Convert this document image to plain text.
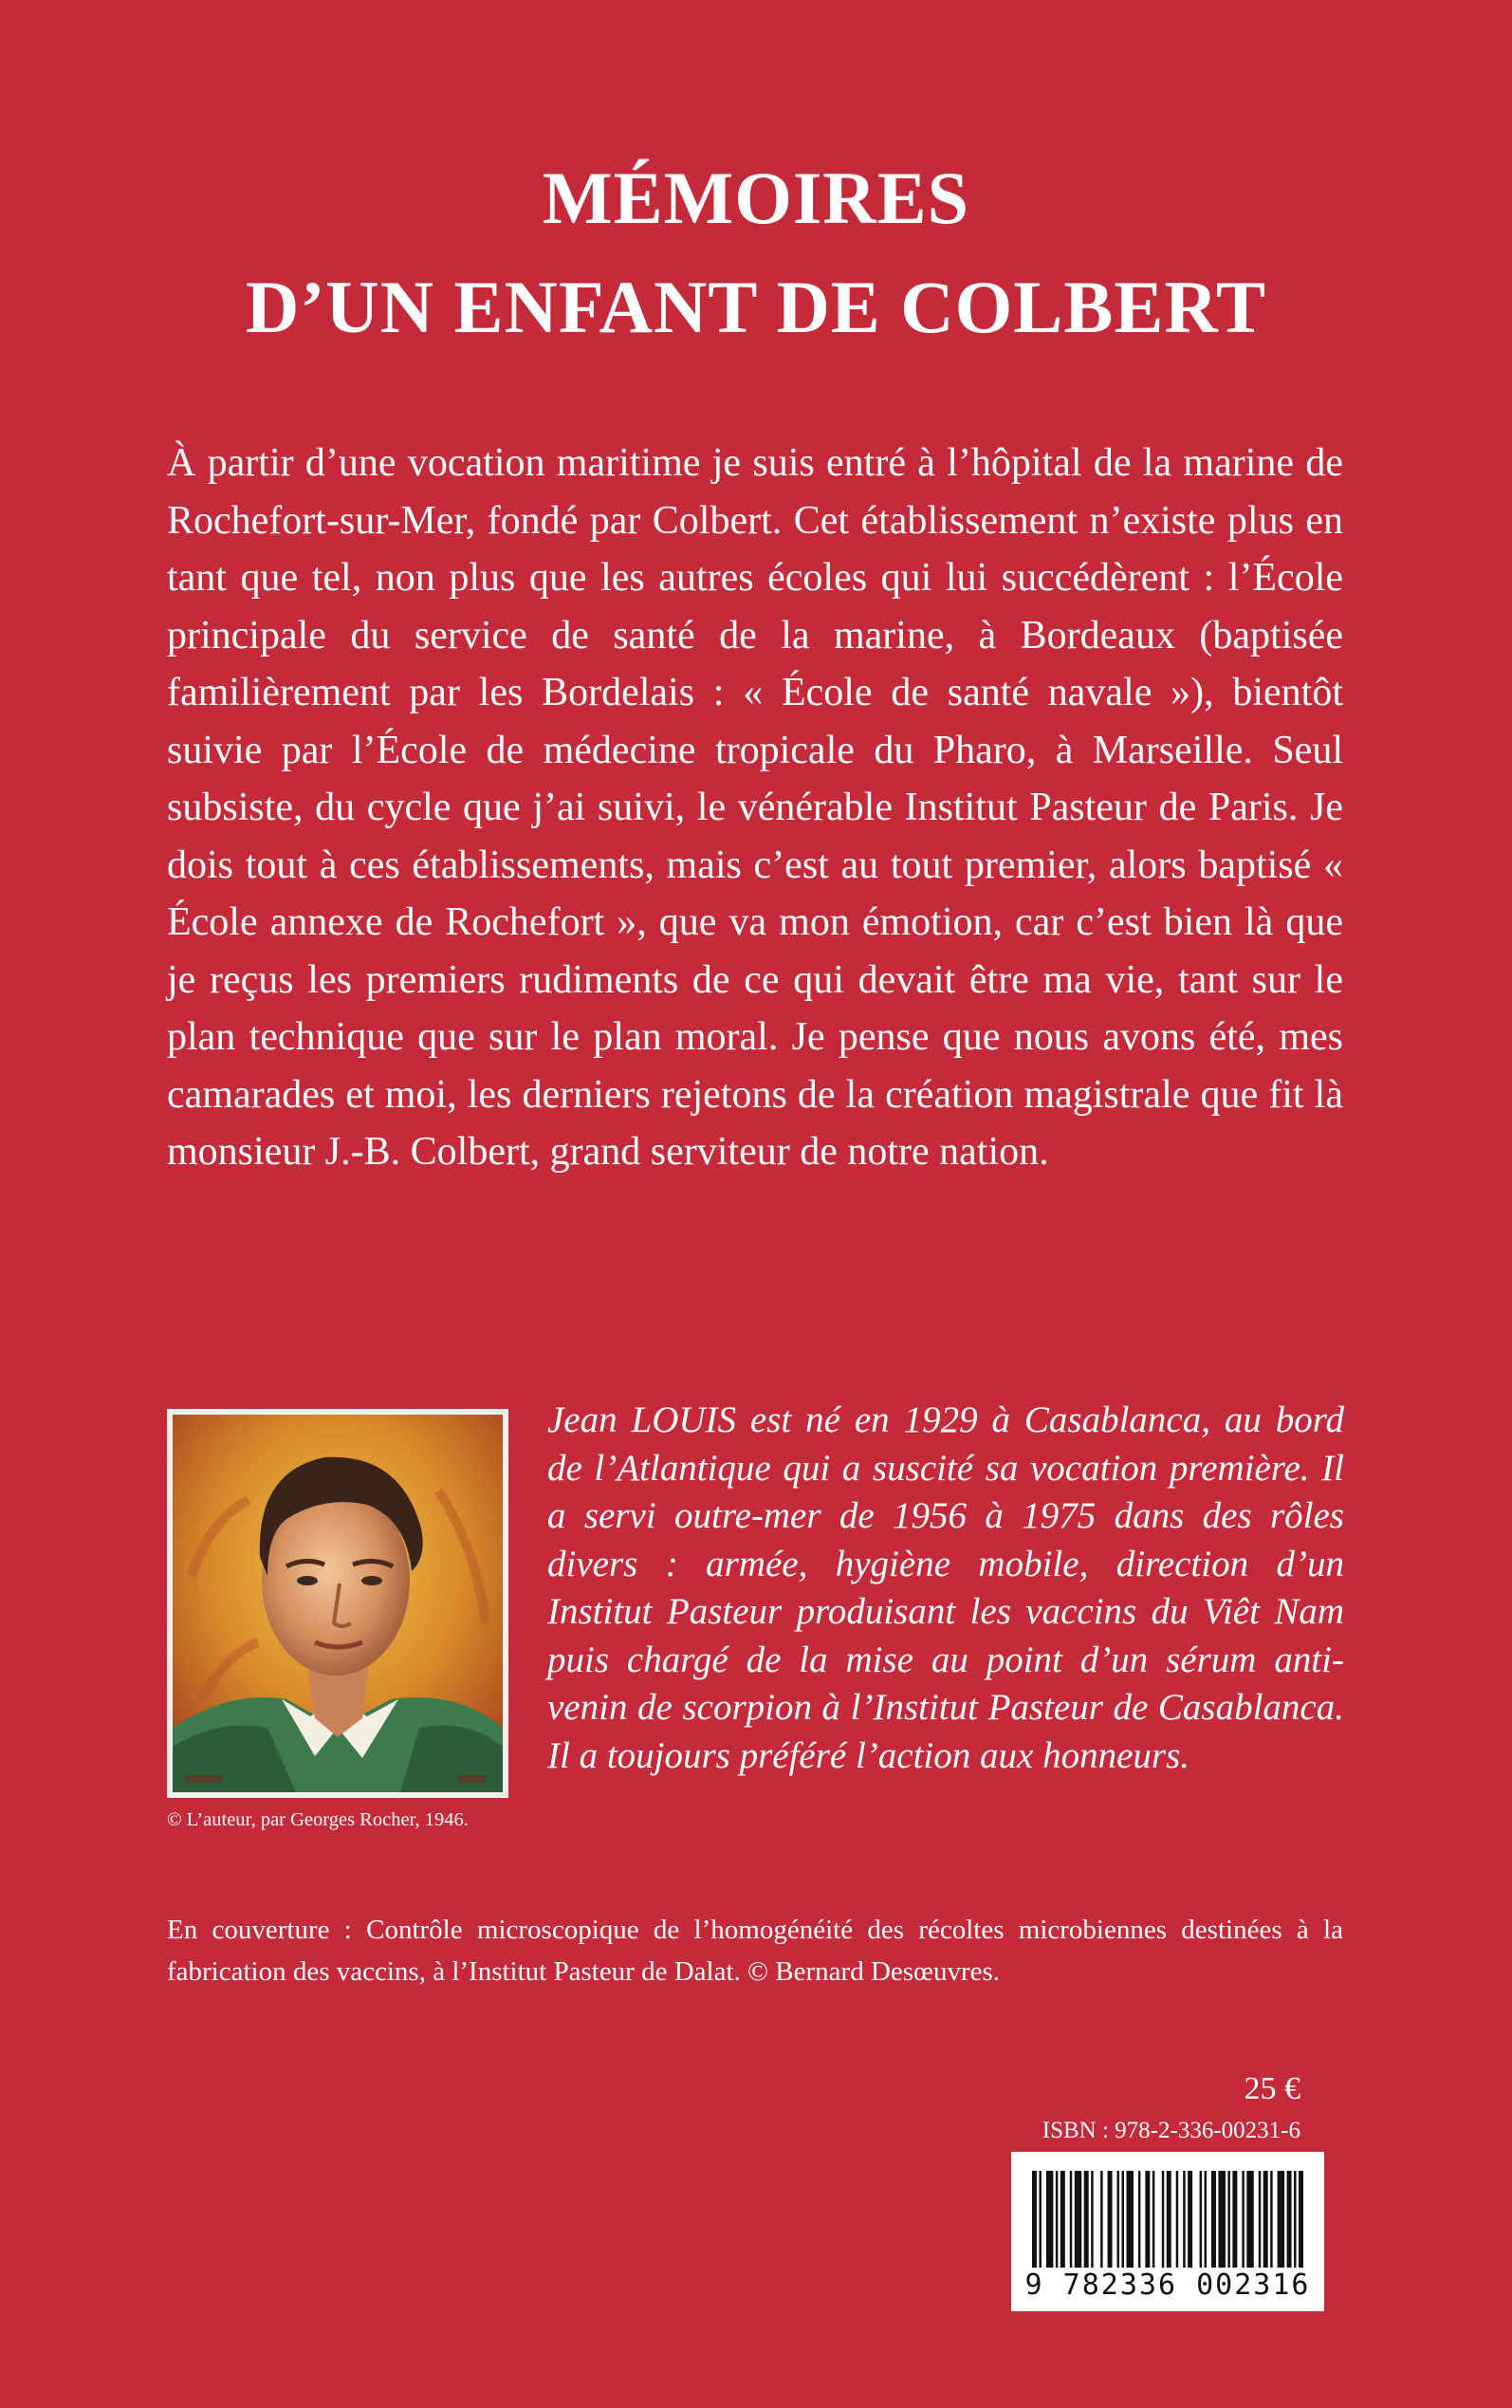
MÉMOIRES
D’UN ENFANT DE COLBERT

À partir d’une vocation maritime je suis entré à l’hôpital de la marine de Rochefort-sur-Mer, fondé par Colbert. Cet établissement n’existe plus en tant que tel, non plus que les autres écoles qui lui succédèrent : l’École principale du service de santé de la marine, à Bordeaux (baptisée familièrement par les Bordelais : « École de santé navale »), bientôt suivie par l’École de médecine tropicale du Pharo, à Marseille. Seul subsiste, du cycle que j’ai suivi, le vénérable Institut Pasteur de Paris. Je dois tout à ces établissements, mais c’est au tout premier, alors baptisé « École annexe de Rochefort », que va mon émotion, car c’est bien là que je reçus les premiers rudiments de ce qui devait être ma vie, tant sur le plan technique que sur le plan moral. Je pense que nous avons été, mes camarades et moi, les derniers rejetons de la création magistrale que fit là monsieur J.-B. Colbert, grand serviteur de notre nation.

© L’auteur, par Georges Rocher, 1946.

Jean LOUIS est né en 1929 à Casablanca, au bord de l’Atlantique qui a suscité sa vocation première. Il a servi outre-mer de 1956 à 1975 dans des rôles divers : armée, hygiène mobile, direction d’un Institut Pasteur produisant les vaccins du Viêt Nam puis chargé de la mise au point d’un sérum anti-venin de scorpion à l’Institut Pasteur de Casablanca. Il a toujours préféré l’action aux honneurs.

En couverture : Contrôle microscopique de l’homogénéité des récoltes microbiennes destinées à la fabrication des vaccins, à l’Institut Pasteur de Dalat. © Bernard Desœuvres.

25 €
ISBN : 978-2-336-00231-6
9 782336 002316
